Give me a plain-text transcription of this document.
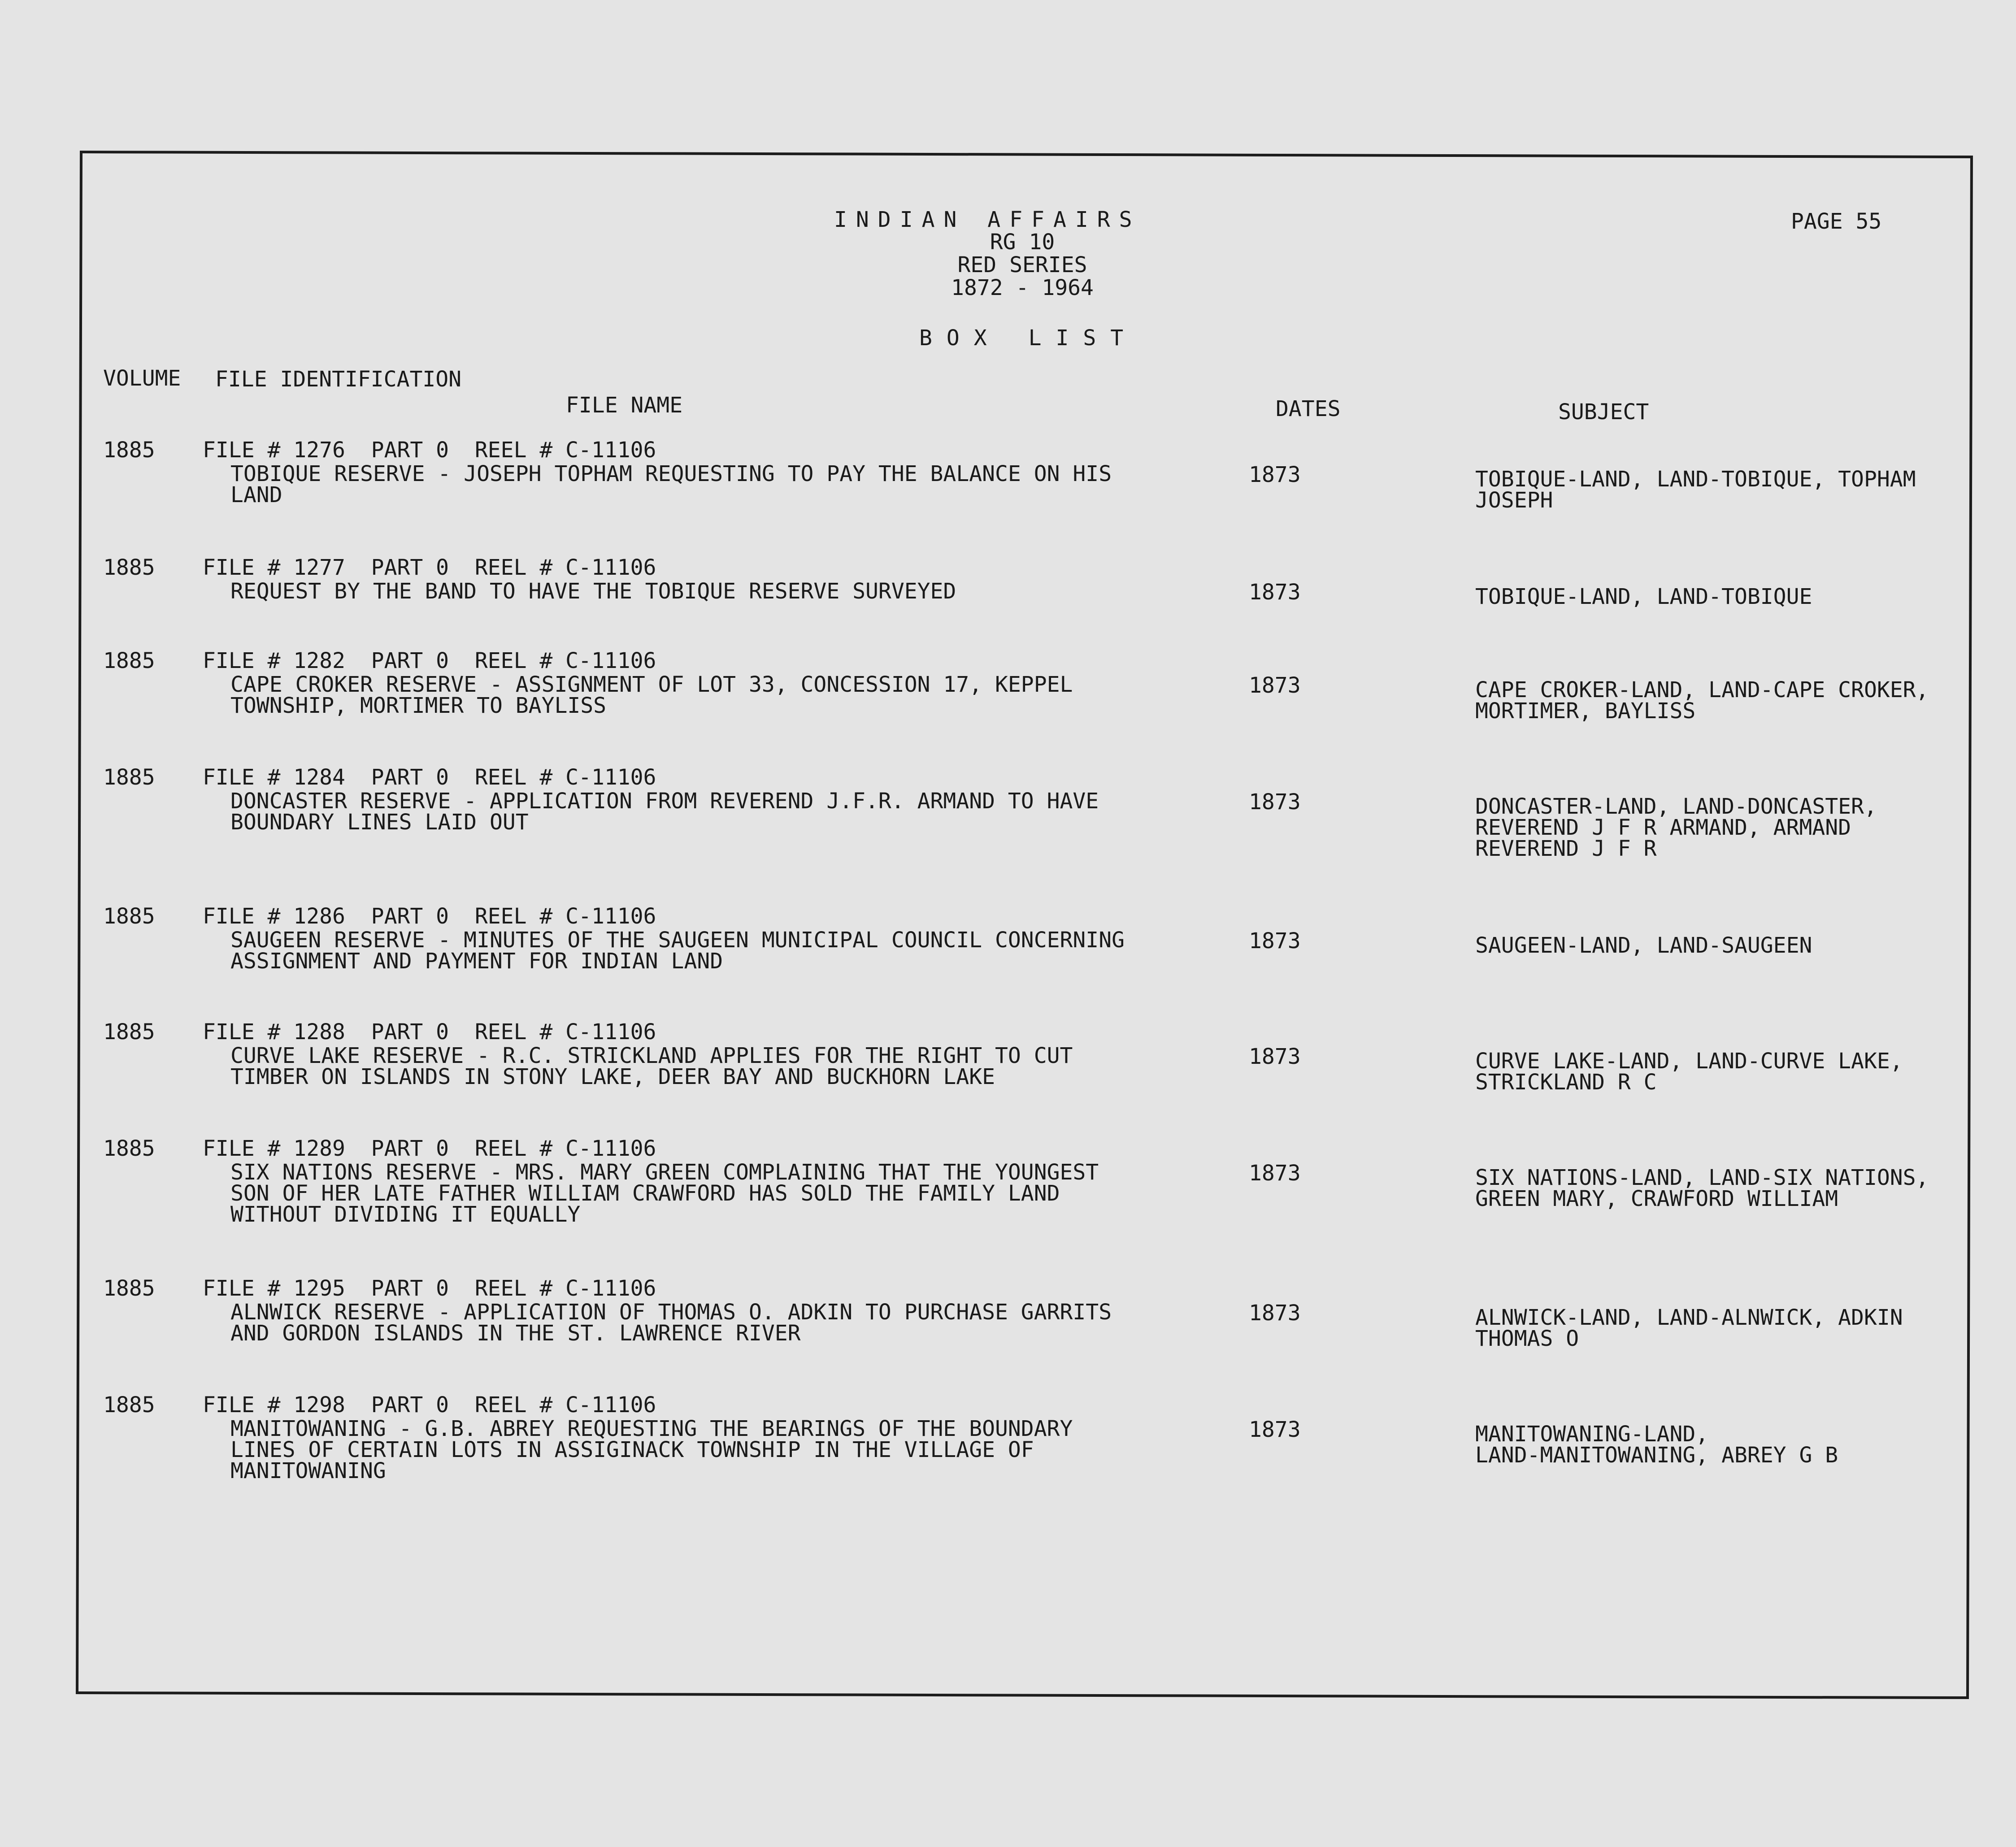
INDIAN AFFAIRS
RG 10
RED SERIES
1872 - 1964
BOX LIST
PAGE 55
VOLUME FILE IDENTIFICATION
FILE NAME	DATES	SUBJECT
1885 FILE # 1276  PART 0  REEL # C-11106
TOBIQUE RESERVE - JOSEPH TOPHAM REQUESTING TO PAY THE BALANCE ON HIS
LAND
1873	TOBIQUE-LAND, LAND-TOBIQUE, TOPHAM
JOSEPH
1885 FILE # 1277  PART 0  REEL # C-11106
REQUEST BY THE BAND TO HAVE THE TOBIQUE RESERVE SURVEYED	1873	TOBIQUE-LAND, LAND-TOBIQUE
1885 FILE # 1282  PART 0  REEL # C-11106
CAPE CROKER RESERVE - ASSIGNMENT OF LOT 33, CONCESSION 17, KEPPEL
TOWNSHIP, MORTIMER TO BAYLISS
1873	CAPE CROKER-LAND, LAND-CAPE CROKER,
MORTIMER, BAYLISS
1885 FILE # 1284  PART 0  REEL # C-11106
DONCASTER RESERVE - APPLICATION FROM REVEREND J.F.R. ARMAND TO HAVE
BOUNDARY LINES LAID OUT
1873	DONCASTER-LAND, LAND-DONCASTER,
REVEREND J F R ARMAND, ARMAND
REVEREND J F R
1885 FILE # 1286  PART 0  REEL # C-11106
SAUGEEN RESERVE - MINUTES OF THE SAUGEEN MUNICIPAL COUNCIL CONCERNING
ASSIGNMENT AND PAYMENT FOR INDIAN LAND
1873	SAUGEEN-LAND, LAND-SAUGEEN
1885 FILE # 1288  PART 0  REEL # C-11106
CURVE LAKE RESERVE - R.C. STRICKLAND APPLIES FOR THE RIGHT TO CUT
TIMBER ON ISLANDS IN STONY LAKE, DEER BAY AND BUCKHORN LAKE
1873	CURVE LAKE-LAND, LAND-CURVE LAKE,
STRICKLAND R C
1885 FILE # 1289  PART 0  REEL # C-11106
SIX NATIONS RESERVE - MRS. MARY GREEN COMPLAINING THAT THE YOUNGEST
SON OF HER LATE FATHER WILLIAM CRAWFORD HAS SOLD THE FAMILY LAND
WITHOUT DIVIDING IT EQUALLY
1873	SIX NATIONS-LAND, LAND-SIX NATIONS,
GREEN MARY, CRAWFORD WILLIAM
1885 FILE # 1295  PART 0  REEL # C-11106
ALNWICK RESERVE - APPLICATION OF THOMAS O. ADKIN TO PURCHASE GARRITS
AND GORDON ISLANDS IN THE ST. LAWRENCE RIVER
1873	ALNWICK-LAND, LAND-ALNWICK, ADKIN
THOMAS O
1885 FILE # 1298  PART 0  REEL # C-11106
MANITOWANING - G.B. ABREY REQUESTING THE BEARINGS OF THE BOUNDARY
LINES OF CERTAIN LOTS IN ASSIGINACK TOWNSHIP IN THE VILLAGE OF
MANITOWANING
1873	MANITOWANING-LAND,
LAND-MANITOWANING, ABREY G B
